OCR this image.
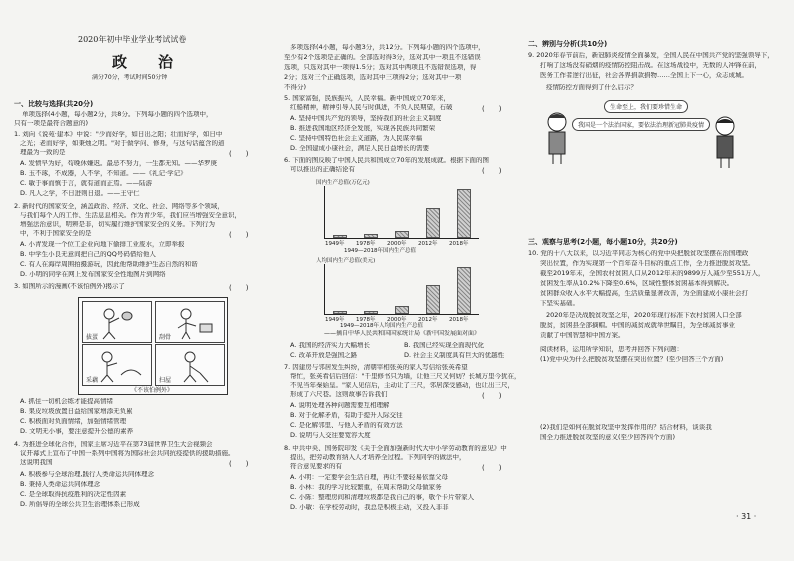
2020年初中毕业学业考试试卷
政　治
满分70分，考试时间50分钟
一、比较与选择(共20分)
单项选择(4小题，每小题2分，共8分。下列每小题的四个选项中，
只有一项是最符合题意的)
1. 刘向《说苑·建本》中说："少而好学，如日出之阳；壮而好学，如日中
之光；老而好学，如秉烛之明。"对于做学问、修身，与这句话蕴含的道
理最为一致的是	(　　)
A. 发愤早为好，苟晚休嫌迟。最忌不努力，一生都无知。——华罗庚
B. 玉不琢，不成器，人不学，不知道。——《礼记·学记》
C. 敏于事而慎于言，就有道而正焉。——陆游
D. 凡人之学，不日进则日退。——王守仁
2. 新时代的国家安全，涵盖政治、经济、文化、社会、网络等多个领域，
与我们每个人的工作、生活息息相关。作为青少年，我们应当增强安全意识，
增强法治意识，明辨是非，切实履行维护国家安全的义务。下列行为
中，不利于国家安全的是	(　　)
A. 小青发现一个位工企业向地下偷排工业废水，立即举报
B. 中学生小良无意间把自己的QQ号码借给他人
C. 有人在海岸周围拍摄游玩，因此他帮助维护生态自然的和谐
D. 小明的同学在网上发布国家安全性地图片到网络
3. 如图所示的漫画(不该怕例外)揭示了	(　　)
拔蛋	刮骨
采藕	扫屋
《不该怕例外》
A. 抓住一切机会练才能提高情绪
B. 果皮垃圾放置日益给国家增添无负累
C. 积极面对负面情绪，加强情绪管理
D. 文明无小事，要注意提升公德的素养
4. 为推进全球化合作，国家主席习近平在第73届世界卫生大会视频会
议开幕式上宣布了中国一系列中国将为国际社会共同抗疫提供的援助措施。
这说明我国	(　　)
A. 积极参与全球治理,践行人类命运共同体理念
B. 秉持人类命运共同体理念
C. 是全球取得抗疫胜利的决定性因素
D. 所倡导的全球公共卫生治理体系已形成
多项选择(4小题，每小题3分，共12分。下列每小题的四个选项中，
至少有2个选项是正确的。全部选对得3分，选对其中一项且不选错误
选项，只选对其中一项得1.5分；选对其中两项且不选错误选项，得
2分；选对三个正确选项，选对其中三项得2分；选对其中一项
不得分)
5. 国家富强，民族振兴，人民幸福。新中国成立70年来，
红船精神，精神引导人民与时俱进，不负人民期望，石破	(　　)
A. 坚持中国共产党的领导，坚持我们的社会主义制度
B. 推进我国地区经济全发展，实现各民族共同繁荣
C. 坚持中国特色社会主义道路，为人民谋幸福
D. 全国建成小康社会，满足人民日益增长的需要
6. 下面的图反映了中国人民共和国成立70年的发展成就。根据下面的图
可以推出的正确结论有	(　　)
国内生产总值(万亿元)
1949年 1978年 2000年 2012年 2018年
1949—2018年国内生产总值
人均国内生产总值(美元)
1949年 1978年 2000年 2012年 2018年
1949—2018年人均国内生产总值
——摘自中华人民共和国国家统计局《新中国发展面对面》
A. 我国的经济实力大幅增长	B. 我国已经实现全面现代化
C. 改革开放是强国之路	D. 社会主义制度具有巨大的优越性
7. 因建房与邻居发生纠纷，清朝宰相张英的家人写信给张英希望
帮忙，张英看信后回信："千里修书只为墙，让他三尺又何妨？长城万里今犹在，
不见当年秦始皇。"家人见信后，主动让了三尺，邻居深受感动，也让出三尺，
形成了六尺巷。这则故事告诉我们	(　　)
A. 说明处理各种问题需要互相理解
B. 对于化解矛盾，有助于提升人际交往
C. 是化解邻里、与他人矛盾的有效方法
D. 说明与人交往要宽容大度
8. 中共中央、国务院印发《关于全面加强新时代大中小学劳动教育的意见》中
提出，把劳动教育纳入人才培养全过程。下列同学的做法中，
符合意见要求的有	(　　)
A. 小明：一定要学会生活自理，再让不要轻易依靠父母
B. 小林：我的学习比较繁重，在周末帮助父母做家务
C. 小陈：整理房间和清理垃圾都是我自己的事，敬个卡片带家人
D. 小敏：在学校劳动时，我总是积极主动，又投入非非
二、辨别与分析(共10分)
9. 2020年春节前后，新冠肺炎疫情全面暴发，全国人民在中国共产党的坚强领导下，
打响了这场没有硝烟的疫情防控阻击战。在这场战役中，无数的人冲锋在前，
医务工作者逆行出征，社会各界捐款捐物……全国上下一心，众志成城。
疫情防控方面得到了什么启示？
生命至上，我们要珍惜生命
我国是一个法治国家，要依法治理新冠肺炎疫情
三、观察与思考(2小题，每小题10分，共20分)
10. 党的十八大以来，以习近平同志为核心的党中央把脱贫攻坚摆在治国理政
突出位置，作为实现第一个百年奋斗目标的重点工作，全力推进脱贫攻坚。
截至2019年末，全国农村贫困人口从2012年末的9899万人减少至551万人，
贫困发生率从10.2%下降至0.6%，区域性整体贫困基本得到解决。
贫困群众收入水平大幅提高，生活质量显著改善，为全面建成小康社会打
下坚实基础。
2020年是决战脱贫攻坚之年，2020年现行标准下农村贫困人口全部
脱贫，贫困县全部摘帽。中国的减贫成就举世瞩目，为全球减贫事业
贡献了中国智慧和中国方案。
阅读材料，运用所学知识，思考并回答下列问题：
(1)党中央为什么把脱贫攻坚摆在突出位置？(至少回答三个方面)
(2)我们是如何在脱贫攻坚中发挥作用的？结合材料，谈谈我
国全力推进脱贫攻坚的意义(至少回答四个方面)
· 31 ·
